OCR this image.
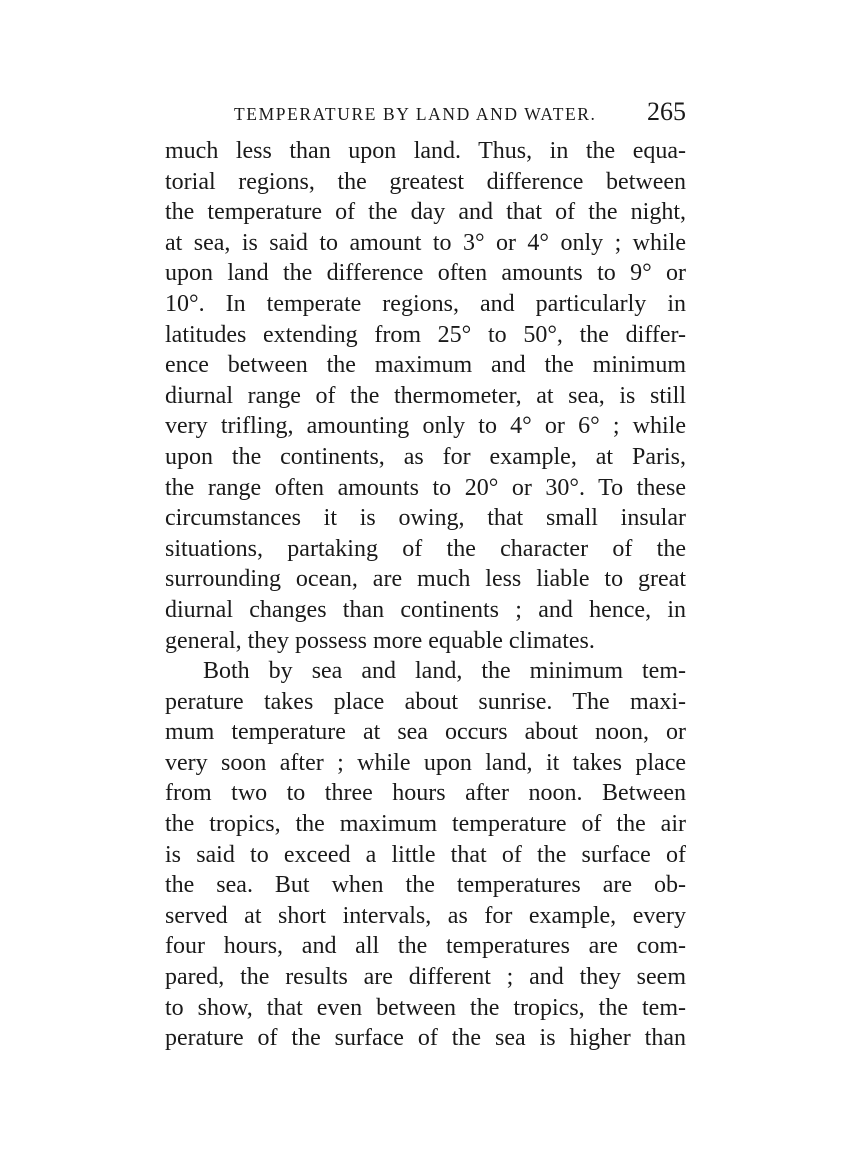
TEMPERATURE BY LAND AND WATER. 265
much less than upon land. Thus, in the equa-
torial regions, the greatest difference between
the temperature of the day and that of the night,
at sea, is said to amount to 3° or 4° only ; while
upon land the difference often amounts to 9° or
10°. In temperate regions, and particularly in
latitudes extending from 25° to 50°, the differ-
ence between the maximum and the minimum
diurnal range of the thermometer, at sea, is still
very trifling, amounting only to 4° or 6° ; while
upon the continents, as for example, at Paris,
the range often amounts to 20° or 30°. To these
circumstances it is owing, that small insular
situations, partaking of the character of the
surrounding ocean, are much less liable to great
diurnal changes than continents ; and hence, in
general, they possess more equable climates.
Both by sea and land, the minimum tem-
perature takes place about sunrise. The maxi-
mum temperature at sea occurs about noon, or
very soon after ; while upon land, it takes place
from two to three hours after noon. Between
the tropics, the maximum temperature of the air
is said to exceed a little that of the surface of
the sea. But when the temperatures are ob-
served at short intervals, as for example, every
four hours, and all the temperatures are com-
pared, the results are different ; and they seem
to show, that even between the tropics, the tem-
perature of the surface of the sea is higher than
